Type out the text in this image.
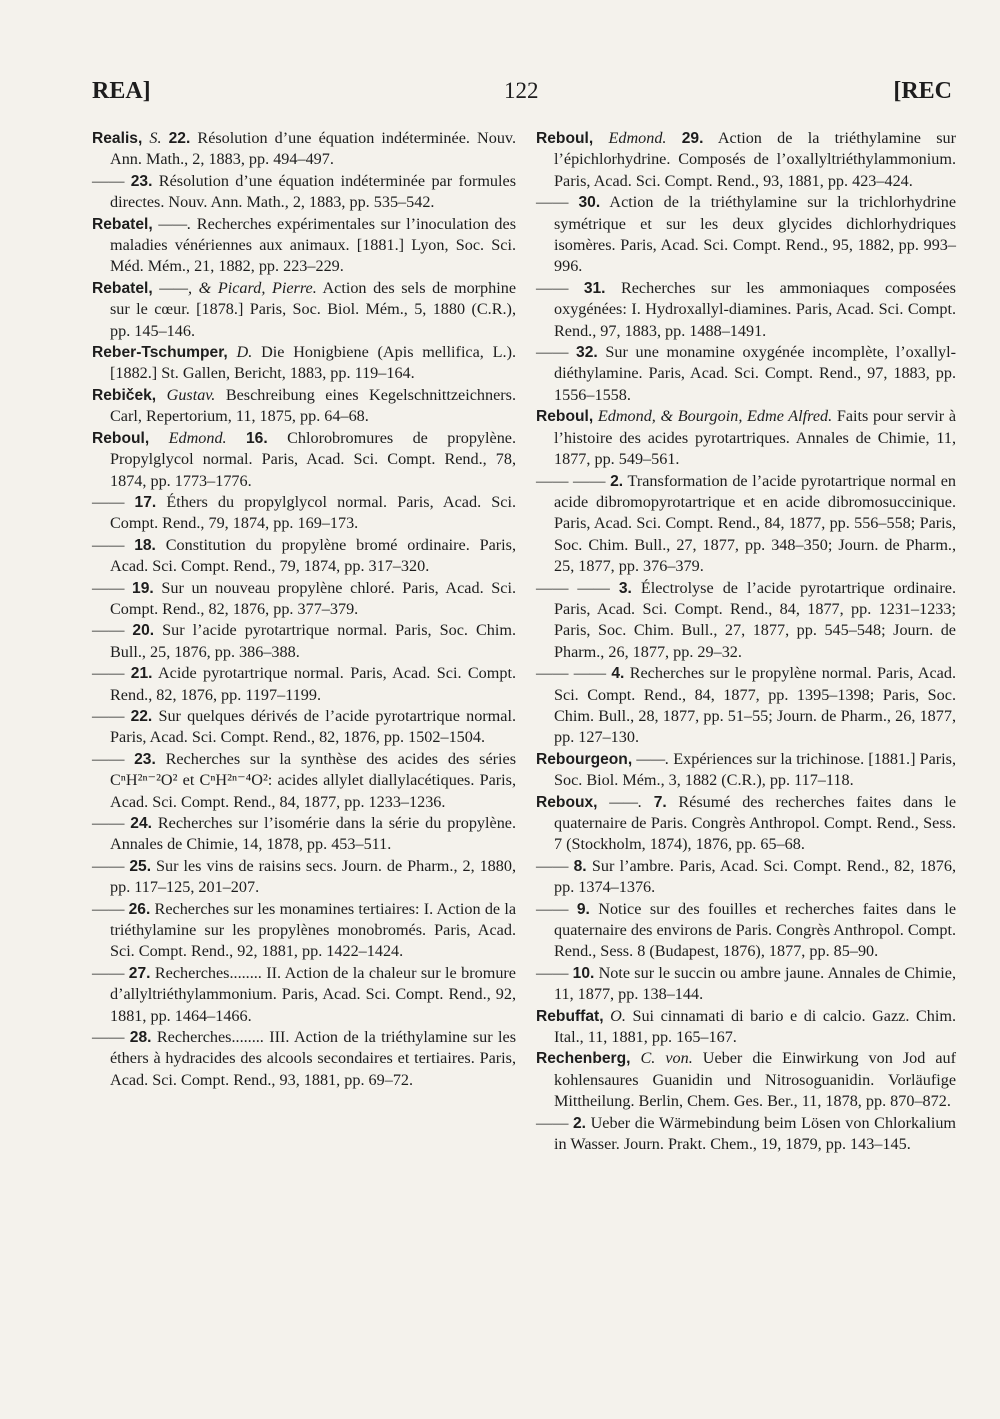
REA]	122	[REC

Realis, S. 22. Résolution d’une équation indéterminée. Nouv. Ann. Math., 2, 1883, pp. 494–497.

—— 23. Résolution d’une équation indéterminée par formules directes. Nouv. Ann. Math., 2, 1883, pp. 535–542.

Rebatel, ——. Recherches expérimentales sur l’inoculation des maladies vénériennes aux animaux. [1881.] Lyon, Soc. Sci. Méd. Mém., 21, 1882, pp. 223–229.

Rebatel, ——, & Picard, Pierre. Action des sels de morphine sur le cœur. [1878.] Paris, Soc. Biol. Mém., 5, 1880 (C.R.), pp. 145–146.

Reber-Tschumper, D. Die Honigbiene (Apis mellifica, L.). [1882.] St. Gallen, Bericht, 1883, pp. 119–164.

Rebiček, Gustav. Beschreibung eines Kegelschnittzeichners. Carl, Repertorium, 11, 1875, pp. 64–68.

Reboul, Edmond. 16. Chlorobromures de propylène. Propylglycol normal. Paris, Acad. Sci. Compt. Rend., 78, 1874, pp. 1773–1776.

—— 17. Éthers du propylglycol normal. Paris, Acad. Sci. Compt. Rend., 79, 1874, pp. 169–173.

—— 18. Constitution du propylène bromé ordinaire. Paris, Acad. Sci. Compt. Rend., 79, 1874, pp. 317–320.

—— 19. Sur un nouveau propylène chloré. Paris, Acad. Sci. Compt. Rend., 82, 1876, pp. 377–379.

—— 20. Sur l’acide pyrotartrique normal. Paris, Soc. Chim. Bull., 25, 1876, pp. 386–388.

—— 21. Acide pyrotartrique normal. Paris, Acad. Sci. Compt. Rend., 82, 1876, pp. 1197–1199.

—— 22. Sur quelques dérivés de l’acide pyrotartrique normal. Paris, Acad. Sci. Compt. Rend., 82, 1876, pp. 1502–1504.

—— 23. Recherches sur la synthèse des acides des séries CⁿH²ⁿ⁻²O² et CⁿH²ⁿ⁻⁴O²: acides allylet diallylacétiques. Paris, Acad. Sci. Compt. Rend., 84, 1877, pp. 1233–1236.

—— 24. Recherches sur l’isomérie dans la série du propylène. Annales de Chimie, 14, 1878, pp. 453–511.

—— 25. Sur les vins de raisins secs. Journ. de Pharm., 2, 1880, pp. 117–125, 201–207.

—— 26. Recherches sur les monamines tertiaires: I. Action de la triéthylamine sur les propylènes monobromés. Paris, Acad. Sci. Compt. Rend., 92, 1881, pp. 1422–1424.

—— 27. Recherches........ II. Action de la chaleur sur le bromure d’allyltriéthylammonium. Paris, Acad. Sci. Compt. Rend., 92, 1881, pp. 1464–1466.

—— 28. Recherches........ III. Action de la triéthylamine sur les éthers à hydracides des alcools secondaires et tertiaires. Paris, Acad. Sci. Compt. Rend., 93, 1881, pp. 69–72.

Reboul, Edmond. 29. Action de la triéthylamine sur l’épichlorhydrine. Composés de l’oxallyltriéthylammonium. Paris, Acad. Sci. Compt. Rend., 93, 1881, pp. 423–424.

—— 30. Action de la triéthylamine sur la trichlorhydrine symétrique et sur les deux glycides dichlorhydriques isomères. Paris, Acad. Sci. Compt. Rend., 95, 1882, pp. 993–996.

—— 31. Recherches sur les ammoniaques composées oxygénées: I. Hydroxallyl-diamines. Paris, Acad. Sci. Compt. Rend., 97, 1883, pp. 1488–1491.

—— 32. Sur une monamine oxygénée incomplète, l’oxallyl-diéthylamine. Paris, Acad. Sci. Compt. Rend., 97, 1883, pp. 1556–1558.

Reboul, Edmond, & Bourgoin, Edme Alfred. Faits pour servir à l’histoire des acides pyrotartriques. Annales de Chimie, 11, 1877, pp. 549–561.

—— —— 2. Transformation de l’acide pyrotartrique normal en acide dibromopyrotartrique et en acide dibromosuccinique. Paris, Acad. Sci. Compt. Rend., 84, 1877, pp. 556–558; Paris, Soc. Chim. Bull., 27, 1877, pp. 348–350; Journ. de Pharm., 25, 1877, pp. 376–379.

—— —— 3. Électrolyse de l’acide pyrotartrique ordinaire. Paris, Acad. Sci. Compt. Rend., 84, 1877, pp. 1231–1233; Paris, Soc. Chim. Bull., 27, 1877, pp. 545–548; Journ. de Pharm., 26, 1877, pp. 29–32.

—— —— 4. Recherches sur le propylène normal. Paris, Acad. Sci. Compt. Rend., 84, 1877, pp. 1395–1398; Paris, Soc. Chim. Bull., 28, 1877, pp. 51–55; Journ. de Pharm., 26, 1877, pp. 127–130.

Rebourgeon, ——. Expériences sur la trichinose. [1881.] Paris, Soc. Biol. Mém., 3, 1882 (C.R.), pp. 117–118.

Reboux, ——. 7. Résumé des recherches faites dans le quaternaire de Paris. Congrès Anthropol. Compt. Rend., Sess. 7 (Stockholm, 1874), 1876, pp. 65–68.

—— 8. Sur l’ambre. Paris, Acad. Sci. Compt. Rend., 82, 1876, pp. 1374–1376.

—— 9. Notice sur des fouilles et recherches faites dans le quaternaire des environs de Paris. Congrès Anthropol. Compt. Rend., Sess. 8 (Budapest, 1876), 1877, pp. 85–90.

—— 10. Note sur le succin ou ambre jaune. Annales de Chimie, 11, 1877, pp. 138–144.

Rebuffat, O. Sui cinnamati di bario e di calcio. Gazz. Chim. Ital., 11, 1881, pp. 165–167.

Rechenberg, C. von. Ueber die Einwirkung von Jod auf kohlensaures Guanidin und Nitrosoguanidin. Vorläufige Mittheilung. Berlin, Chem. Ges. Ber., 11, 1878, pp. 870–872.

—— 2. Ueber die Wärmebindung beim Lösen von Chlorkalium in Wasser. Journ. Prakt. Chem., 19, 1879, pp. 143–145.
